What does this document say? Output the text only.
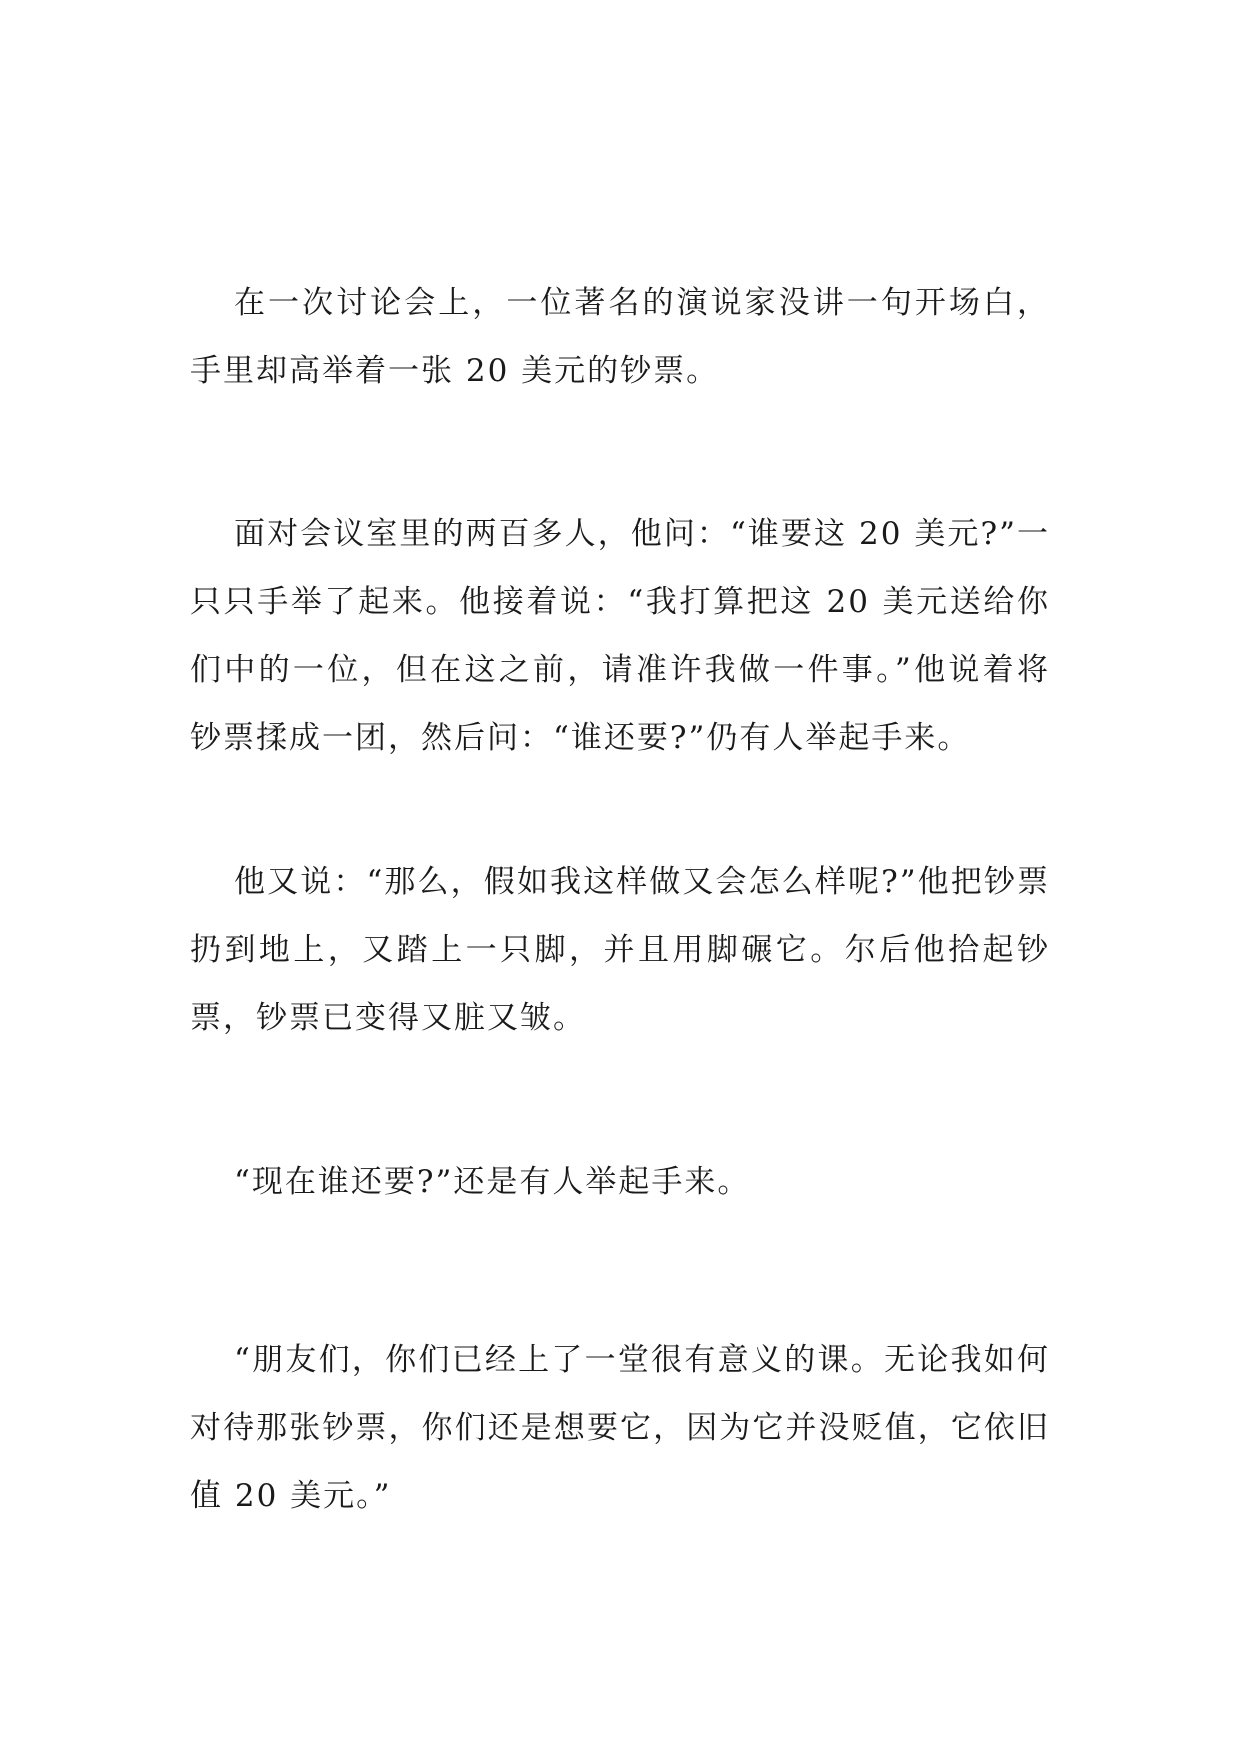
在一次讨论会上，一位著名的演说家没讲一句开场白，手里却高举着一张 20 美元的钞票。

面对会议室里的两百多人，他问：“谁要这 20 美元?”一只只手举了起来。他接着说：“我打算把这 20 美元送给你们中的一位，但在这之前，请准许我做一件事。”他说着将钞票揉成一团，然后问：“谁还要?”仍有人举起手来。

他又说：“那么，假如我这样做又会怎么样呢?”他把钞票扔到地上，又踏上一只脚，并且用脚碾它。尔后他拾起钞票，钞票已变得又脏又皱。

“现在谁还要?”还是有人举起手来。

“朋友们，你们已经上了一堂很有意义的课。无论我如何对待那张钞票，你们还是想要它，因为它并没贬值，它依旧值 20 美元。”
